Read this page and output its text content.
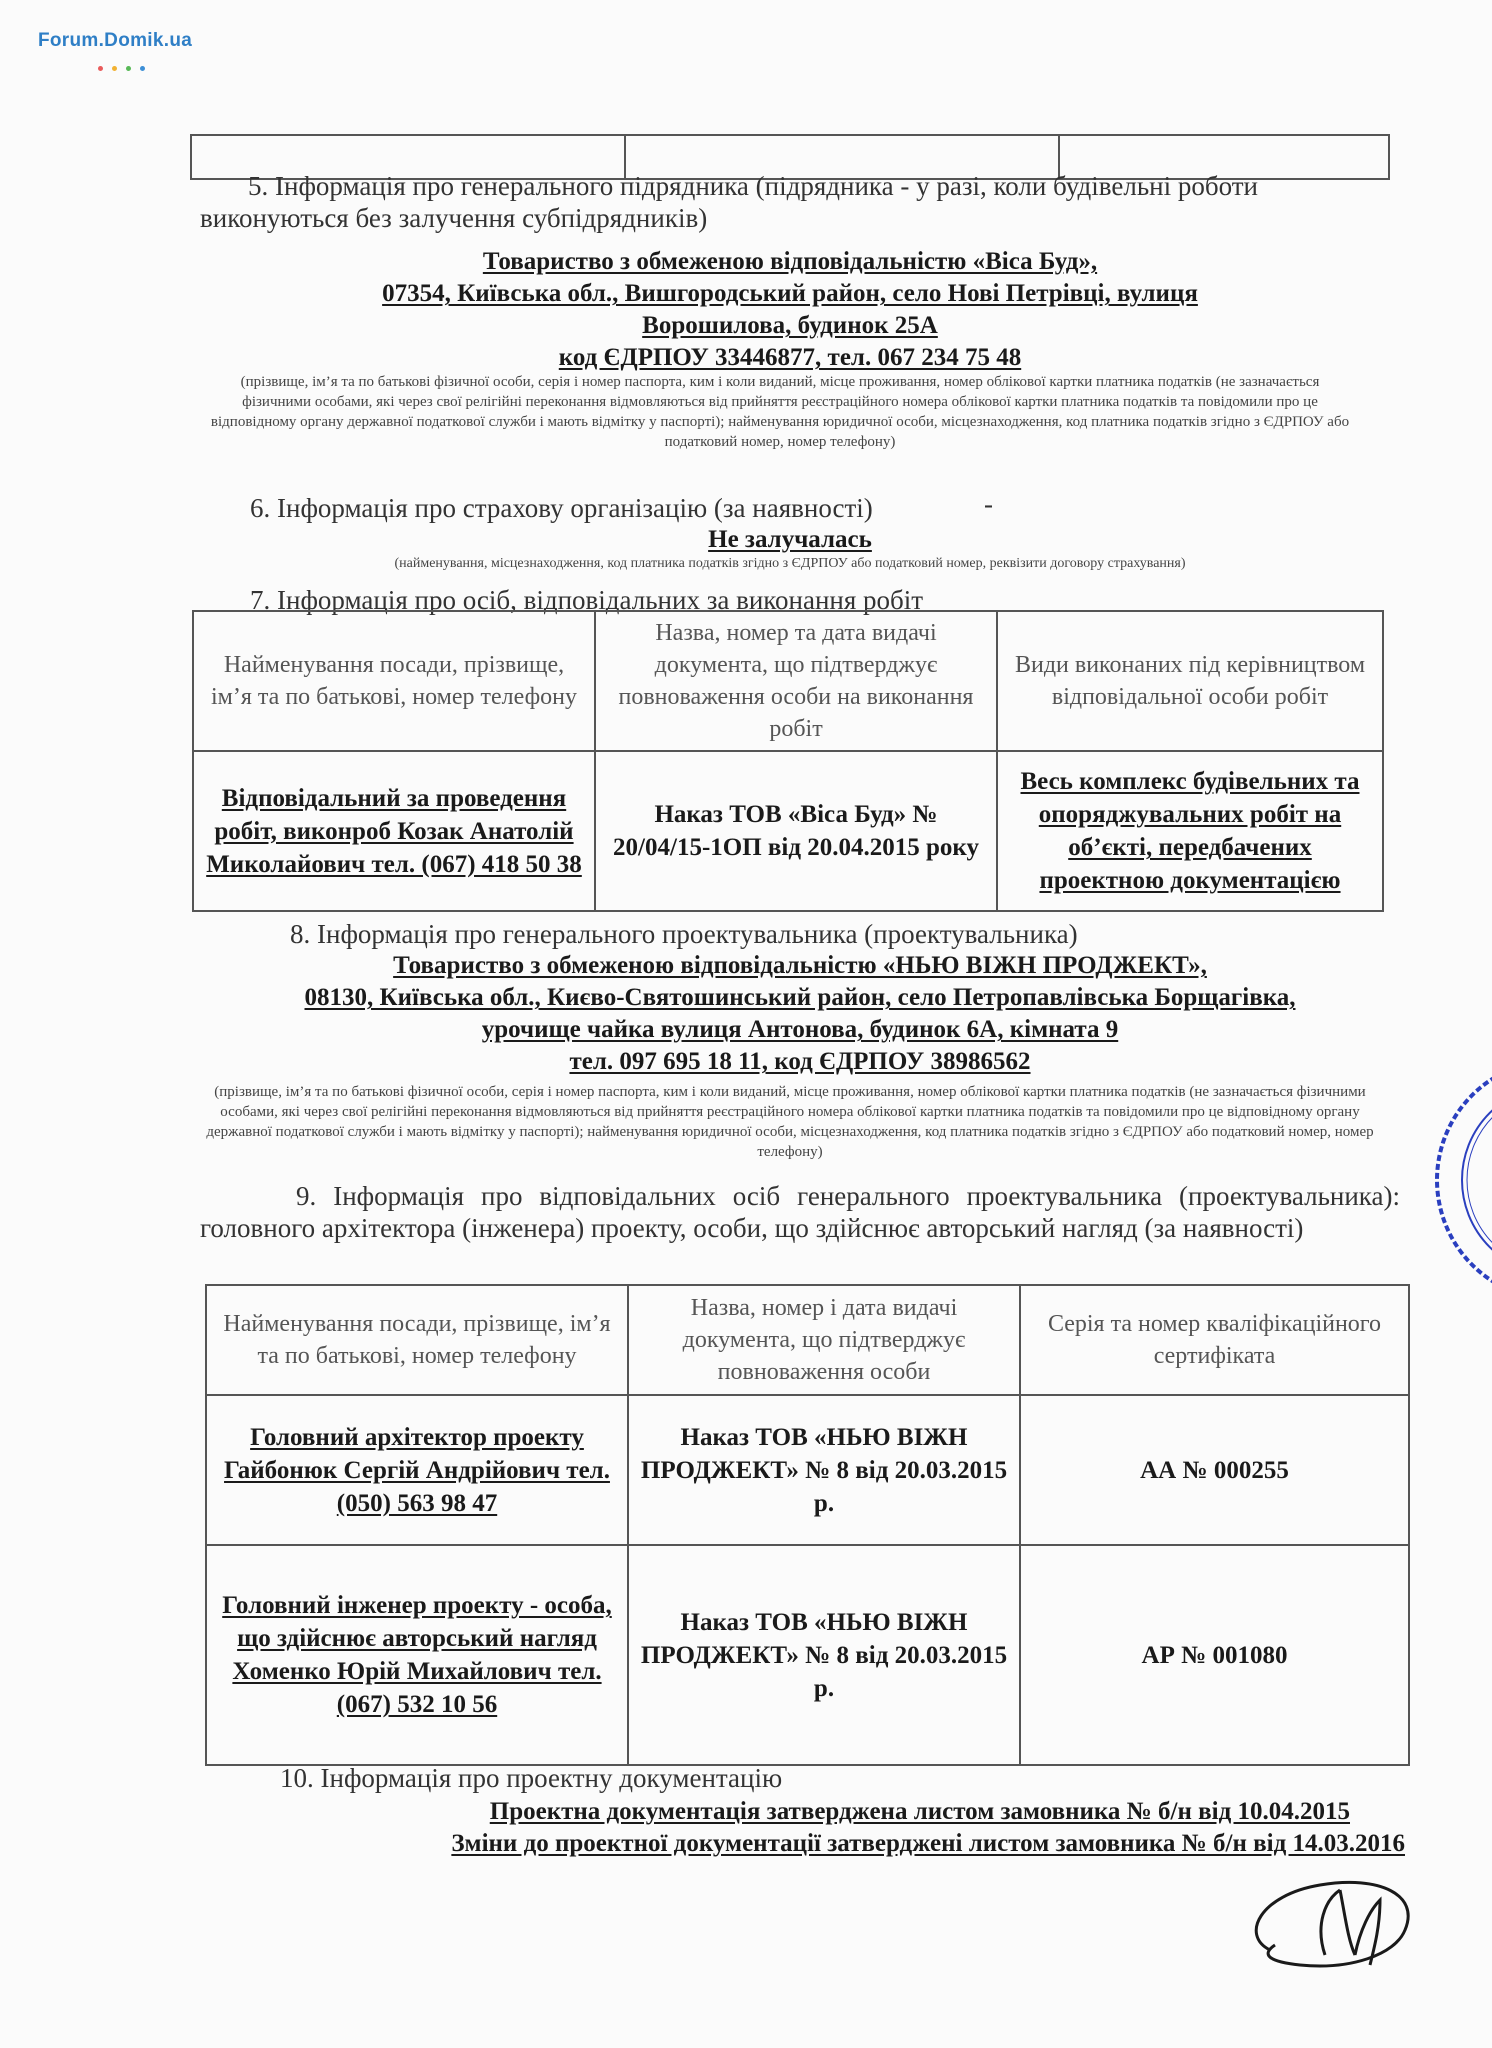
Forum.Domik.ua

5. Інформація про генерального підрядника (підрядника - у разі, коли будівельні роботи виконуються без залучення субпідрядників)
Товариство з обмеженою відповідальністю «Віса Буд»,
07354, Київська обл., Вишгородський район, село Нові Петрівці, вулиця
Ворошилова, будинок 25А
код ЄДРПОУ 33446877, тел. 067 234 75 48
(прізвище, ім’я та по батькові фізичної особи, серія і номер паспорта, ким і коли виданий, місце проживання, номер облікової картки платника податків (не зазначається фізичними особами, які через свої релігійні переконання відмовляються від прийняття реєстраційного номера облікової картки платника податків та повідомили про це відповідному органу державної податкової служби і мають відмітку у паспорті); найменування юридичної особи, місцезнаходження, код платника податків згідно з ЄДРПОУ або податковий номер, номер телефону)
6. Інформація про страхову організацію (за наявності)	-
Не залучалась
(найменування, місцезнаходження, код платника податків згідно з ЄДРПОУ або податковий номер, реквізити договору страхування)
7. Інформація про осіб, відповідальних за виконання робіт
Найменування посади, прізвище, ім’я та по батькові, номер телефону	Назва, номер та дата видачі документа, що підтверджує повноваження особи на виконання робіт	Види виконаних під керівництвом відповідальної особи робіт
Відповідальний за проведення робіт, виконроб Козак Анатолій Миколайович тел. (067) 418 50 38	Наказ ТОВ «Віса Буд» № 20/04/15-1ОП від 20.04.2015 року	Весь комплекс будівельних та опоряджувальних робіт на об’єкті, передбачених проектною документацією
8. Інформація про генерального проектувальника (проектувальника)
Товариство з обмеженою відповідальністю «НЬЮ ВІЖН ПРОДЖЕКТ»,
08130, Київська обл., Києво-Святошинський район, село Петропавлівська Борщагівка,
урочище чайка вулиця Антонова, будинок 6А, кімната 9
тел. 097 695 18 11, код ЄДРПОУ 38986562
(прізвище, ім’я та по батькові фізичної особи, серія і номер паспорта, ким і коли виданий, місце проживання, номер облікової картки платника податків (не зазначається фізичними особами, які через свої релігійні переконання відмовляються від прийняття реєстраційного номера облікової картки платника податків та повідомили про це відповідному органу державної податкової служби і мають відмітку у паспорті); найменування юридичної особи, місцезнаходження, код платника податків згідно з ЄДРПОУ або податковий номер, номер телефону)
9. Інформація про відповідальних осіб генерального проектувальника (проектувальника): головного архітектора (інженера) проекту, особи, що здійснює авторський нагляд (за наявності)
Найменування посади, прізвище, ім’я та по батькові, номер телефону	Назва, номер і дата видачі документа, що підтверджує повноваження особи	Серія та номер кваліфікаційного сертифіката
Головний архітектор проекту Гайбонюк Сергій Андрійович тел. (050) 563 98 47	Наказ ТОВ «НЬЮ ВІЖН ПРОДЖЕКТ» № 8 від 20.03.2015 р.	АА № 000255
Головний інженер проекту - особа, що здійснює авторський нагляд Хоменко Юрій Михайлович тел. (067) 532 10 56	Наказ ТОВ «НЬЮ ВІЖН ПРОДЖЕКТ» № 8 від 20.03.2015 р.	АР № 001080
10. Інформація про проектну документацію
Проектна документація затверджена листом замовника № б/н від 10.04.2015
Зміни до проектної документації затверджені листом замовника № б/н від 14.03.2016
